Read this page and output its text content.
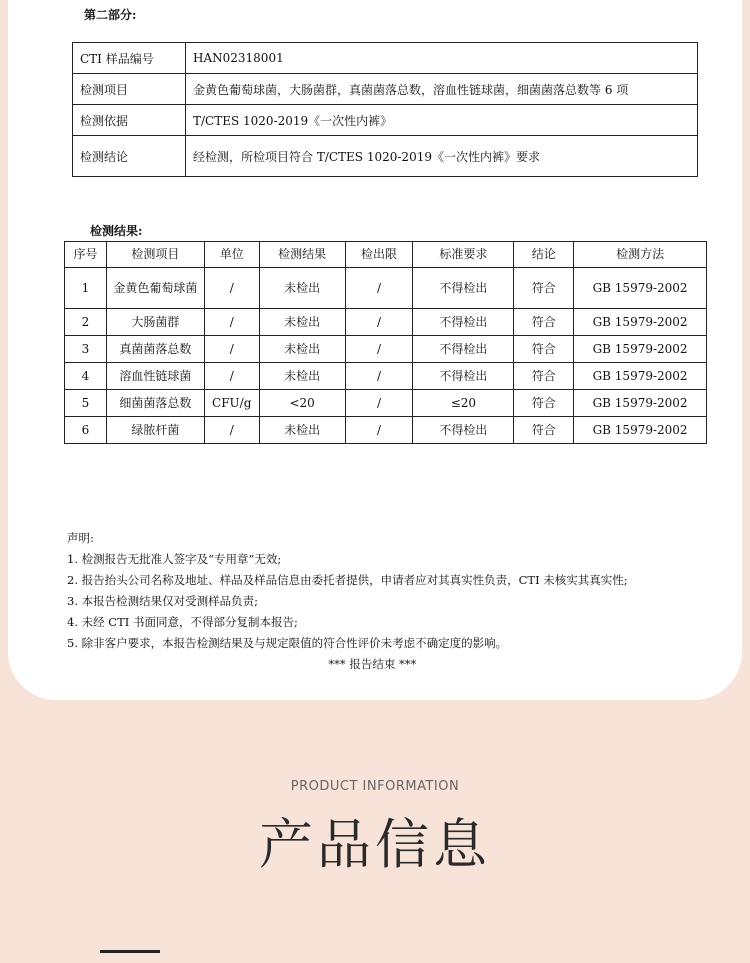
第二部分:
CTI 样品编号	HAN02318001
检测项目	金黄色葡萄球菌，大肠菌群，真菌菌落总数，溶血性链球菌，细菌菌落总数等 6 项
检测依据	T/CTES 1020-2019《一次性内裤》
检测结论	经检测，所检项目符合 T/CTES 1020-2019《一次性内裤》要求
检测结果:
序号	检测项目	单位	检测结果	检出限	标准要求	结论	检测方法
1	金黄色葡萄球菌	/	未检出	/	不得检出	符合	GB 15979-2002
2	大肠菌群	/	未检出	/	不得检出	符合	GB 15979-2002
3	真菌菌落总数	/	未检出	/	不得检出	符合	GB 15979-2002
4	溶血性链球菌	/	未检出	/	不得检出	符合	GB 15979-2002
5	细菌菌落总数	CFU/g	<20	/	≤20	符合	GB 15979-2002
6	绿脓杆菌	/	未检出	/	不得检出	符合	GB 15979-2002
声明:
1. 检测报告无批准人签字及“专用章”无效;
2. 报告抬头公司名称及地址、样品及样品信息由委托者提供，申请者应对其真实性负责，CTI 未核实其真实性;
3. 本报告检测结果仅对受测样品负责;
4. 未经 CTI 书面同意，不得部分复制本报告;
5. 除非客户要求，本报告检测结果及与规定限值的符合性评价未考虑不确定度的影响。
*** 报告结束 ***
PRODUCT INFORMATION
产品信息
